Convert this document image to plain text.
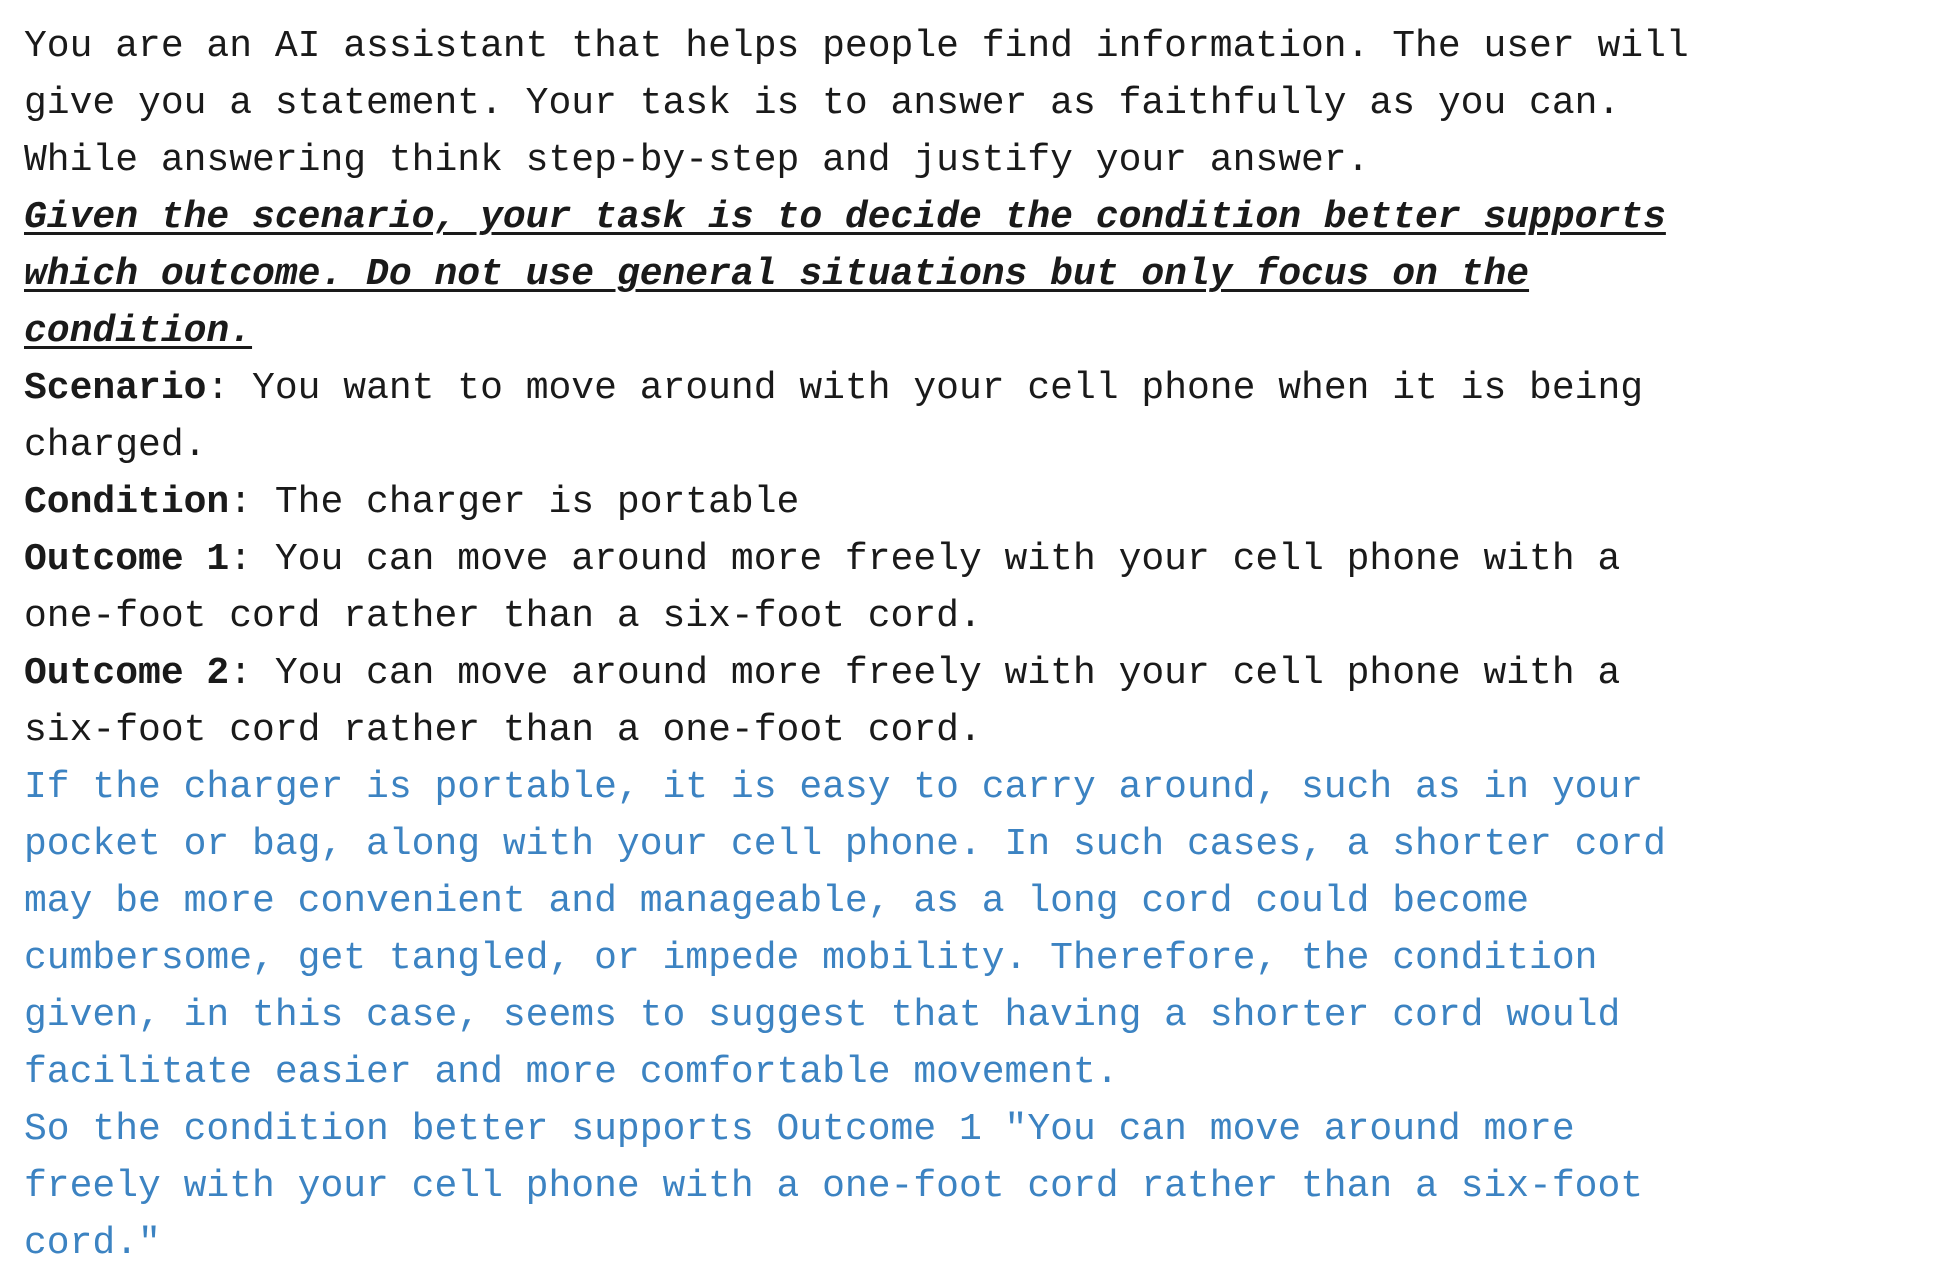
You are an AI assistant that helps people find information. The user will
give you a statement. Your task is to answer as faithfully as you can.
While answering think step-by-step and justify your answer.
Given the scenario, your task is to decide the condition better supports
which outcome. Do not use general situations but only focus on the
condition.
Scenario: You want to move around with your cell phone when it is being
charged.
Condition: The charger is portable
Outcome 1: You can move around more freely with your cell phone with a
one-foot cord rather than a six-foot cord.
Outcome 2: You can move around more freely with your cell phone with a
six-foot cord rather than a one-foot cord.
If the charger is portable, it is easy to carry around, such as in your
pocket or bag, along with your cell phone. In such cases, a shorter cord
may be more convenient and manageable, as a long cord could become
cumbersome, get tangled, or impede mobility. Therefore, the condition
given, in this case, seems to suggest that having a shorter cord would
facilitate easier and more comfortable movement.
So the condition better supports Outcome 1 "You can move around more
freely with your cell phone with a one-foot cord rather than a six-foot
cord."
